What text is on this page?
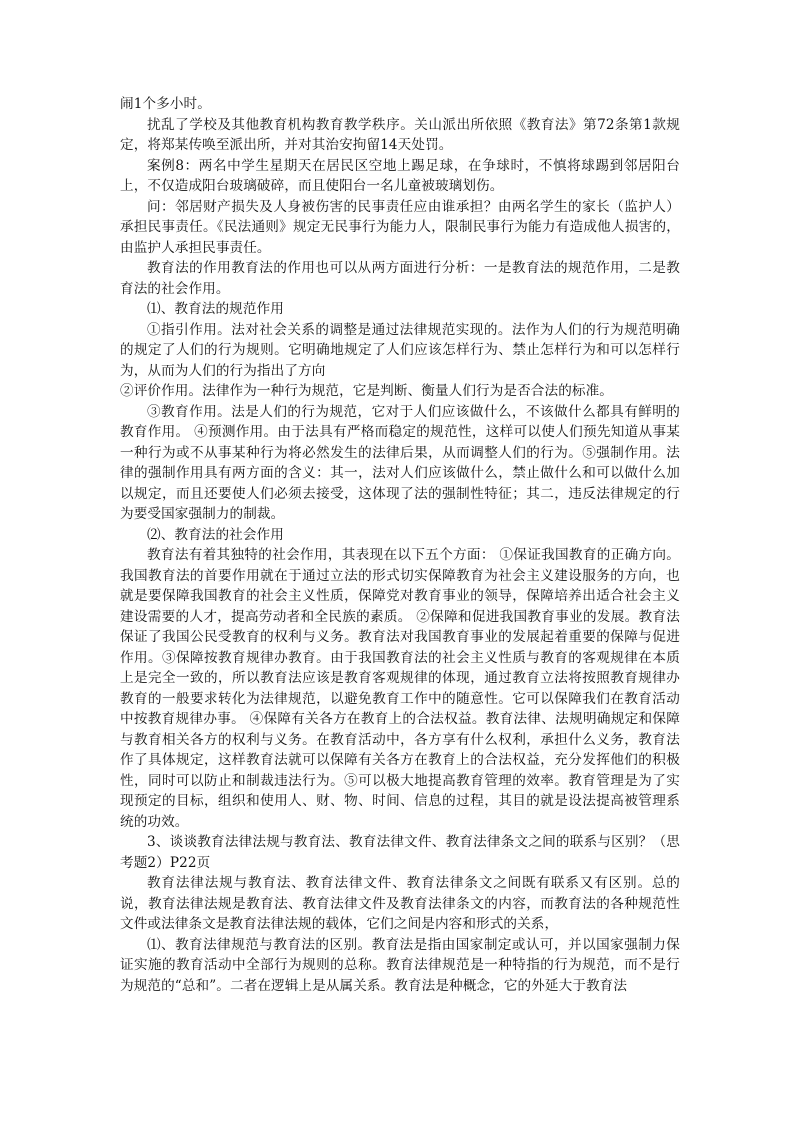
闹1个多小时。

扰乱了学校及其他教育机构教育教学秩序。关山派出所依照《教育法》第72条第1款规定，将郑某传唤至派出所，并对其治安拘留14天处罚。

案例8：两名中学生星期天在居民区空地上踢足球，在争球时，不慎将球踢到邻居阳台上，不仅造成阳台玻璃破碎，而且使阳台一名儿童被玻璃划伤。

问：邻居财产损失及人身被伤害的民事责任应由谁承担？由两名学生的家长（监护人）承担民事责任。《民法通则》规定无民事行为能力人，限制民事行为能力有造成他人损害的，由监护人承担民事责任。

教育法的作用教育法的作用也可以从两方面进行分析：一是教育法的规范作用，二是教育法的社会作用。

⑴、教育法的规范作用

①指引作用。法对社会关系的调整是通过法律规范实现的。法作为人们的行为规范明确的规定了人们的行为规则。它明确地规定了人们应该怎样行为、禁止怎样行为和可以怎样行为，从而为人们的行为指出了方向

②评价作用。法律作为一种行为规范，它是判断、衡量人们行为是否合法的标准。

③教育作用。法是人们的行为规范，它对于人们应该做什么，不该做什么都具有鲜明的教育作用。 ④预测作用。由于法具有严格而稳定的规范性，这样可以使人们预先知道从事某一种行为或不从事某种行为将必然发生的法律后果，从而调整人们的行为。⑤强制作用。法律的强制作用具有两方面的含义：其一，法对人们应该做什么，禁止做什么和可以做什么加以规定，而且还要使人们必须去接受，这体现了法的强制性特征；其二，违反法律规定的行为要受国家强制力的制裁。

⑵、教育法的社会作用

教育法有着其独特的社会作用，其表现在以下五个方面： ①保证我国教育的正确方向。我国教育法的首要作用就在于通过立法的形式切实保障教育为社会主义建设服务的方向，也就是要保障我国教育的社会主义性质，保障党对教育事业的领导，保障培养出适合社会主义建设需要的人才，提高劳动者和全民族的素质。 ②保障和促进我国教育事业的发展。教育法保证了我国公民受教育的权利与义务。教育法对我国教育事业的发展起着重要的保障与促进作用。③保障按教育规律办教育。由于我国教育法的社会主义性质与教育的客观规律在本质上是完全一致的，所以教育法应该是教育客观规律的体现，通过教育立法将按照教育规律办教育的一般要求转化为法律规范，以避免教育工作中的随意性。它可以保障我们在教育活动中按教育规律办事。 ④保障有关各方在教育上的合法权益。教育法律、法规明确规定和保障与教育相关各方的权利与义务。在教育活动中，各方享有什么权利，承担什么义务，教育法作了具体规定，这样教育法就可以保障有关各方在教育上的合法权益，充分发挥他们的积极性，同时可以防止和制裁违法行为。⑤可以极大地提高教育管理的效率。教育管理是为了实现预定的目标，组织和使用人、财、物、时间、信息的过程，其目的就是设法提高被管理系统的功效。

3、谈谈教育法律法规与教育法、教育法律文件、教育法律条文之间的联系与区别？（思考题2）P22页

教育法律法规与教育法、教育法律文件、教育法律条文之间既有联系又有区别。总的说，教育法律法规是教育法、教育法律文件及教育法律条文的内容，而教育法的各种规范性文件或法律条文是教育法律法规的载体，它们之间是内容和形式的关系，

⑴、教育法律规范与教育法的区别。教育法是指由国家制定或认可，并以国家强制力保证实施的教育活动中全部行为规则的总称。教育法律规范是一种特指的行为规范，而不是行为规范的“总和”。二者在逻辑上是从属关系。教育法是种概念，它的外延大于教育法
